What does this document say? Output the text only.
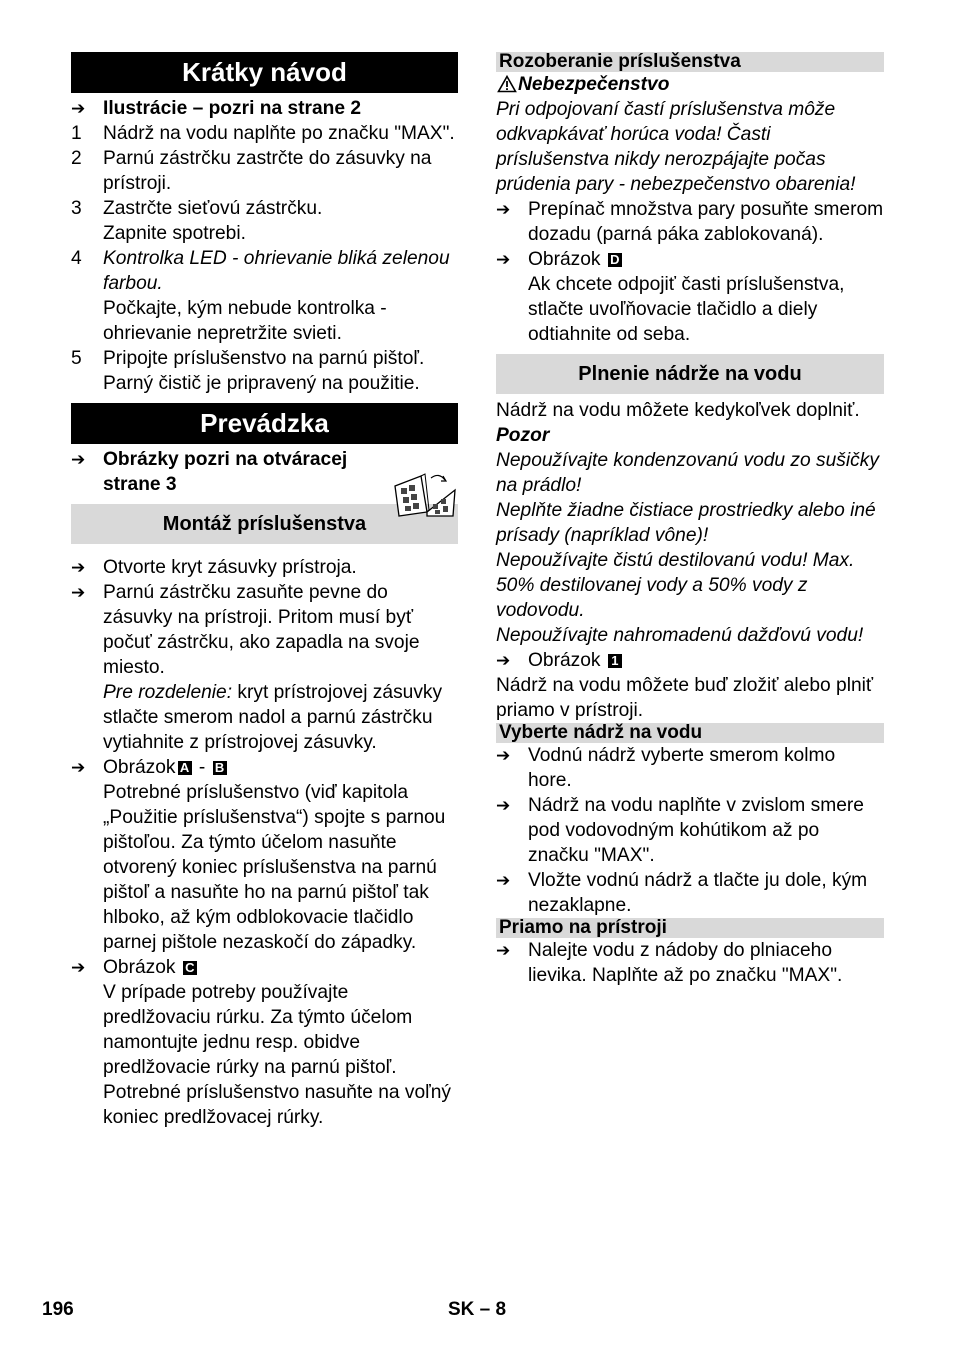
Krátky návod
➔ Ilustrácie – pozri na strane 2
1	Nádrž na vodu naplňte po značku "MAX".
2	Parnú zástrčku zastrčte do zásuvky na prístroji.
3	Zastrčte sieťovú zástrčku.
Zapnite spotrebi.
4	Kontrolka LED - ohrievanie bliká zelenou farbou.
Počkajte, kým nebude kontrolka - ohrievanie nepretržite svieti.
5	Pripojte príslušenstvo na parnú pištoľ.
Parný čistič je pripravený na použitie.
Prevádzka
➔ Obrázky pozri na otváracej strane 3
Montáž príslušenstva
➔ Otvorte kryt zásuvky prístroja.
➔ Parnú zástrčku zasuňte pevne do zásuvky na prístroji. Pritom musí byť počuť zástrčku, ako zapadla na svoje miesto.
Pre rozdelenie: kryt prístrojovej zásuvky stlačte smerom nadol a parnú zástrčku vytiahnite z prístrojovej zásuvky.
➔ Obrázok A - B
Potrebné príslušenstvo (viď kapitola „Použitie príslušenstva“) spojte s parnou pištoľou. Za týmto účelom nasuňte otvorený koniec príslušenstva na parnú pištoľ a nasuňte ho na parnú pištoľ tak hlboko, až kým odblokovacie tlačidlo parnej pištole nezaskočí do západky.
➔ Obrázok C
V prípade potreby používajte predlžovaciu rúrku. Za týmto účelom namontujte jednu resp. obidve predlžovacie rúrky na parnú pištoľ. Potrebné príslušenstvo nasuňte na voľný koniec predlžovacej rúrky.
Rozoberanie príslušenstva
Nebezpečenstvo
Pri odpojovaní častí príslušenstva môže odkvapkávať horúca voda! Časti príslušenstva nikdy nerozpájajte počas prúdenia pary - nebezpečenstvo obarenia!
➔ Prepínač množstva pary posuňte smerom dozadu (parná páka zablokovaná).
➔ Obrázok D
Ak chcete odpojiť časti príslušenstva, stlačte uvoľňovacie tlačidlo a diely odtiahnite od seba.
Plnenie nádrže na vodu
Nádrž na vodu môžete kedykoľvek doplniť.
Pozor
Nepoužívajte kondenzovanú vodu zo sušičky na prádlo!
Neplňte žiadne čistiace prostriedky alebo iné prísady (napríklad vône)!
Nepoužívajte čistú destilovanú vodu! Max. 50% destilovanej vody a 50% vody z vodovodu.
Nepoužívajte nahromadenú dažďovú vodu!
➔ Obrázok 1
Nádrž na vodu môžete buď zložiť alebo plniť priamo v prístroji.
Vyberte nádrž na vodu
➔ Vodnú nádrž vyberte smerom kolmo hore.
➔ Nádrž na vodu naplňte v zvislom smere pod vodovodným kohútikom až po značku "MAX".
➔ Vložte vodnú nádrž a tlačte ju dole, kým nezaklapne.
Priamo na prístroji
➔ Nalejte vodu z nádoby do plniaceho lievika. Naplňte až po značku "MAX".
196	SK – 8
